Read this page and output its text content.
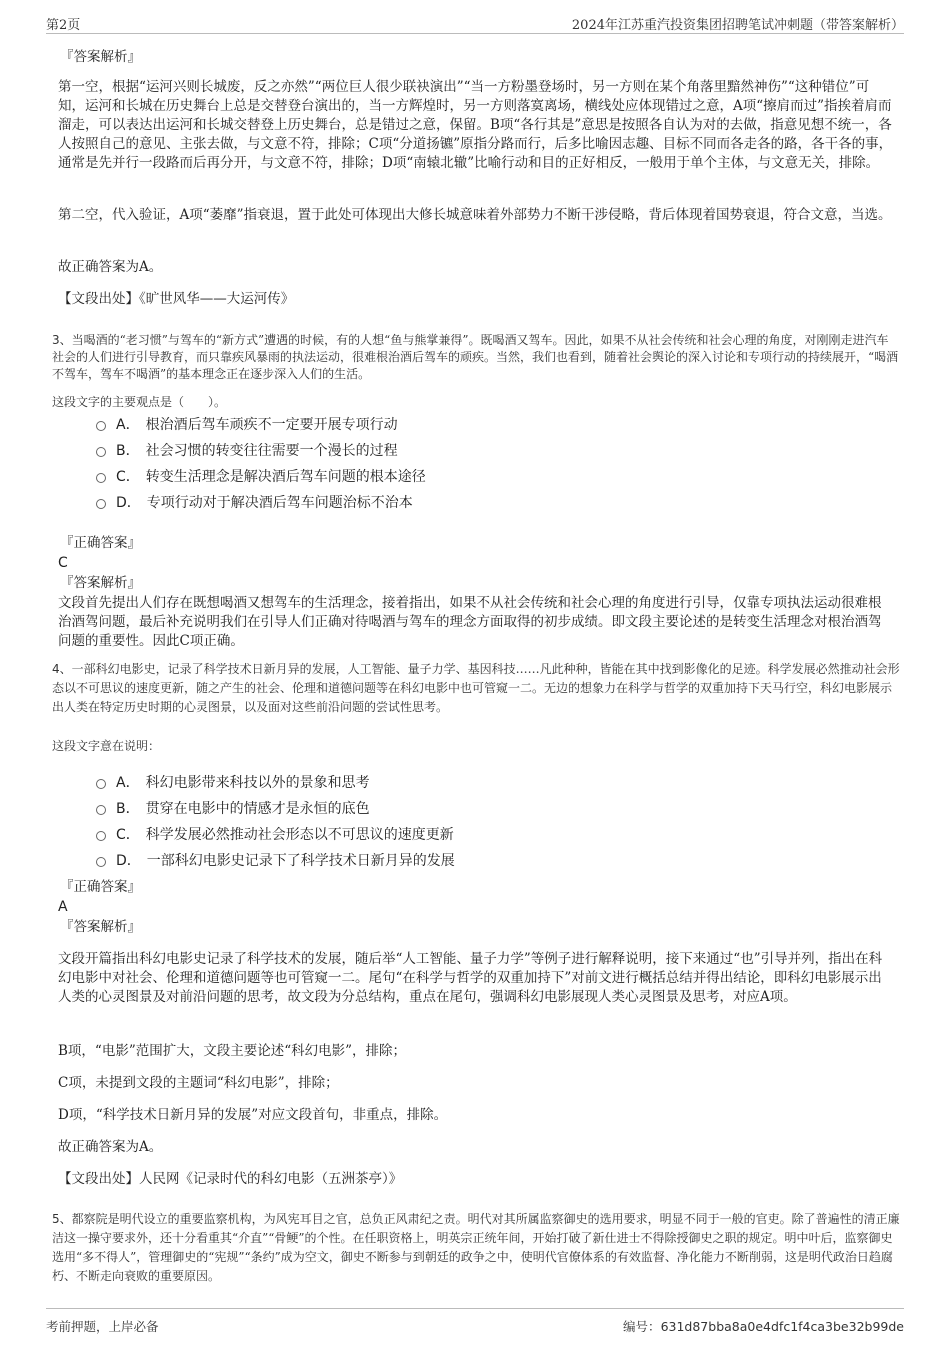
第2页	2024年江苏重汽投资集团招聘笔试冲刺题（带答案解析）
『答案解析』

第一空，根据“运河兴则长城废，反之亦然”“两位巨人很少联袂演出”“当一方粉墨登场时，另一方则在某个角落里黯然神伤”“这种错位”可知，运河和长城在历史舞台上总是交替登台演出的，当一方辉煌时，另一方则落寞离场，横线处应体现错过之意，A项“擦肩而过”指挨着肩而溜走，可以表达出运河和长城交替登上历史舞台，总是错过之意，保留。B项“各行其是”意思是按照各自认为对的去做，指意见想不统一，各人按照自己的意见、主张去做，与文意不符，排除；C项“分道扬镳”原指分路而行，后多比喻因志趣、目标不同而各走各的路，各干各的事，通常是先并行一段路而后再分开，与文意不符，排除；D项“南辕北辙”比喻行动和目的正好相反，一般用于单个主体，与文意无关，排除。

第二空，代入验证，A项“萎靡”指衰退，置于此处可体现出大修长城意味着外部势力不断干涉侵略，背后体现着国势衰退，符合文意，当选。

故正确答案为A。

【文段出处】《旷世风华——大运河传》

3、当喝酒的“老习惯”与驾车的“新方式”遭遇的时候，有的人想“鱼与熊掌兼得”。既喝酒又驾车。因此，如果不从社会传统和社会心理的角度，对刚刚走进汽车社会的人们进行引导教育，而只靠疾风暴雨的执法运动，很难根治酒后驾车的顽疾。当然，我们也看到，随着社会舆论的深入讨论和专项行动的持续展开，“喝酒不驾车，驾车不喝酒”的基本理念正在逐步深入人们的生活。

这段文字的主要观点是（　　）。

A． 根治酒后驾车顽疾不一定要开展专项行动
B． 社会习惯的转变往往需要一个漫长的过程
C． 转变生活理念是解决酒后驾车问题的根本途径
D． 专项行动对于解决酒后驾车问题治标不治本
『正确答案』
C
『答案解析』

文段首先提出人们存在既想喝酒又想驾车的生活理念，接着指出，如果不从社会传统和社会心理的角度进行引导，仅靠专项执法运动很难根治酒驾问题，最后补充说明我们在引导人们正确对待喝酒与驾车的理念方面取得的初步成绩。即文段主要论述的是转变生活理念对根治酒驾问题的重要性。因此C项正确。

4、一部科幻电影史，记录了科学技术日新月异的发展，人工智能、量子力学、基因科技……凡此种种，皆能在其中找到影像化的足迹。科学发展必然推动社会形态以不可思议的速度更新，随之产生的社会、伦理和道德问题等在科幻电影中也可管窥一二。无边的想象力在科学与哲学的双重加持下天马行空，科幻电影展示出人类在特定历史时期的心灵图景，以及面对这些前沿问题的尝试性思考。

这段文字意在说明：

A． 科幻电影带来科技以外的景象和思考
B． 贯穿在电影中的情感才是永恒的底色
C． 科学发展必然推动社会形态以不可思议的速度更新
D． 一部科幻电影史记录下了科学技术日新月异的发展
『正确答案』
A
『答案解析』

文段开篇指出科幻电影史记录了科学技术的发展，随后举“人工智能、量子力学”等例子进行解释说明，接下来通过“也”引导并列，指出在科幻电影中对社会、伦理和道德问题等也可管窥一二。尾句“在科学与哲学的双重加持下”对前文进行概括总结并得出结论，即科幻电影展示出人类的心灵图景及对前沿问题的思考，故文段为分总结构，重点在尾句，强调科幻电影展现人类心灵图景及思考，对应A项。

B项，“电影”范围扩大，文段主要论述“科幻电影”，排除；

C项，未提到文段的主题词“科幻电影”，排除；

D项，“科学技术日新月异的发展”对应文段首句，非重点，排除。

故正确答案为A。

【文段出处】人民网《记录时代的科幻电影（五洲茶亭）》

5、都察院是明代设立的重要监察机构，为风宪耳目之官，总负正风肃纪之责。明代对其所属监察御史的选用要求，明显不同于一般的官吏。除了普遍性的清正廉洁这一操守要求外，还十分看重其“介直”“骨鲠”的个性。在任职资格上，明英宗正统年间，开始打破了新仕进士不得除授御史之职的规定。明中叶后，监察御史选用“多不得人”，管理御史的“宪规”“条约”成为空文，御史不断参与到朝廷的政争之中，使明代官僚体系的有效监督、净化能力不断削弱，这是明代政治日趋腐朽、不断走向衰败的重要原因。

考前押题，上岸必备	编号：631d87bba8a0e4dfc1f4ca3be32b99de
